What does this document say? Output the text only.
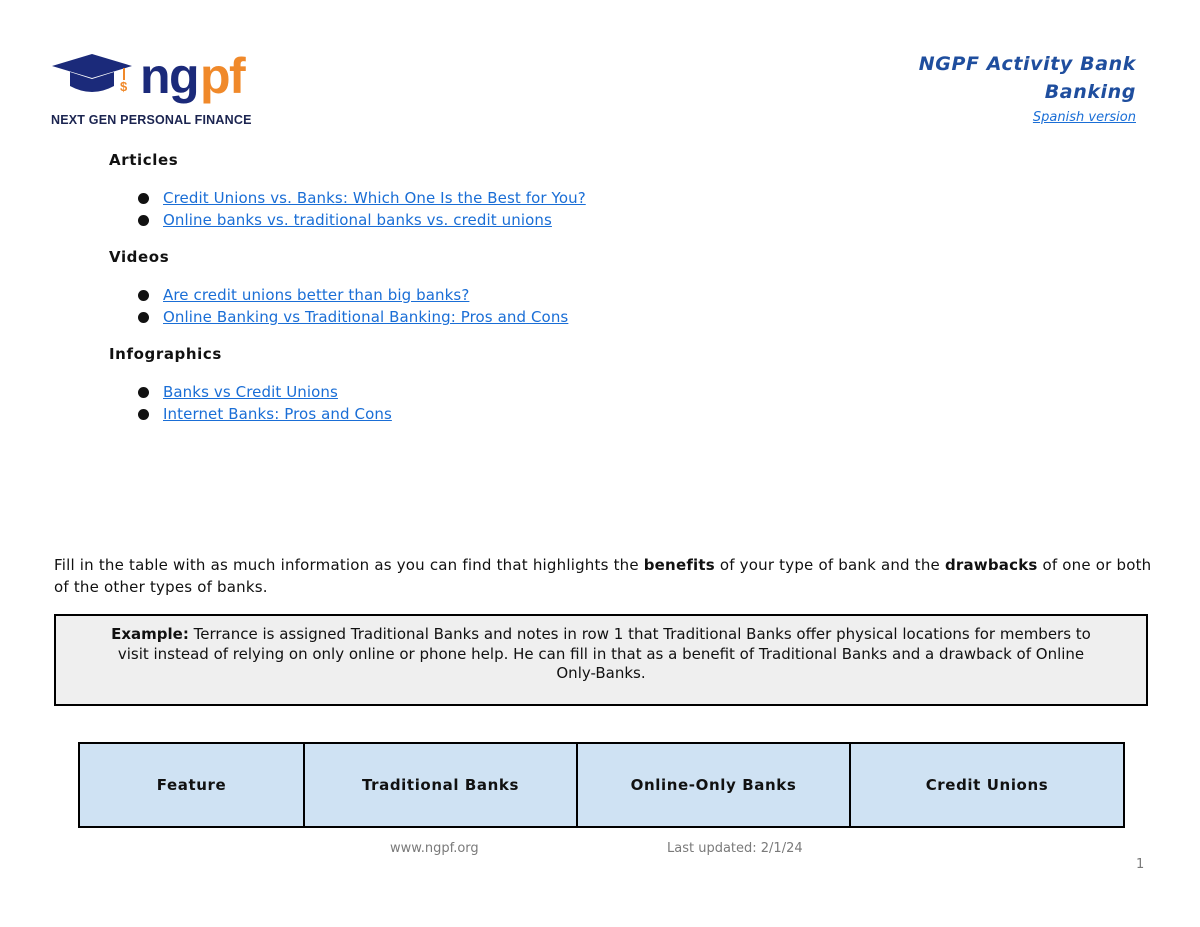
$ ng pf
NEXT GEN PERSONAL FINANCE
NGPF Activity Bank
Banking
Spanish version
Articles
Credit Unions vs. Banks: Which One Is the Best for You?
Online banks vs. traditional banks vs. credit unions
Videos
Are credit unions better than big banks?
Online Banking vs Traditional Banking: Pros and Cons
Infographics
Banks vs Credit Unions
Internet Banks: Pros and Cons
Fill in the table with as much information as you can find that highlights the benefits of your type of bank and the drawbacks of one or both of the other types of banks.
Example: Terrance is assigned Traditional Banks and notes in row 1 that Traditional Banks offer physical locations for members to visit instead of relying on only online or phone help. He can fill in that as a benefit of Traditional Banks and a drawback of Online Only-Banks.
Feature	Traditional Banks	Online-Only Banks	Credit Unions
www.ngpf.org	Last updated: 2/1/24
1
